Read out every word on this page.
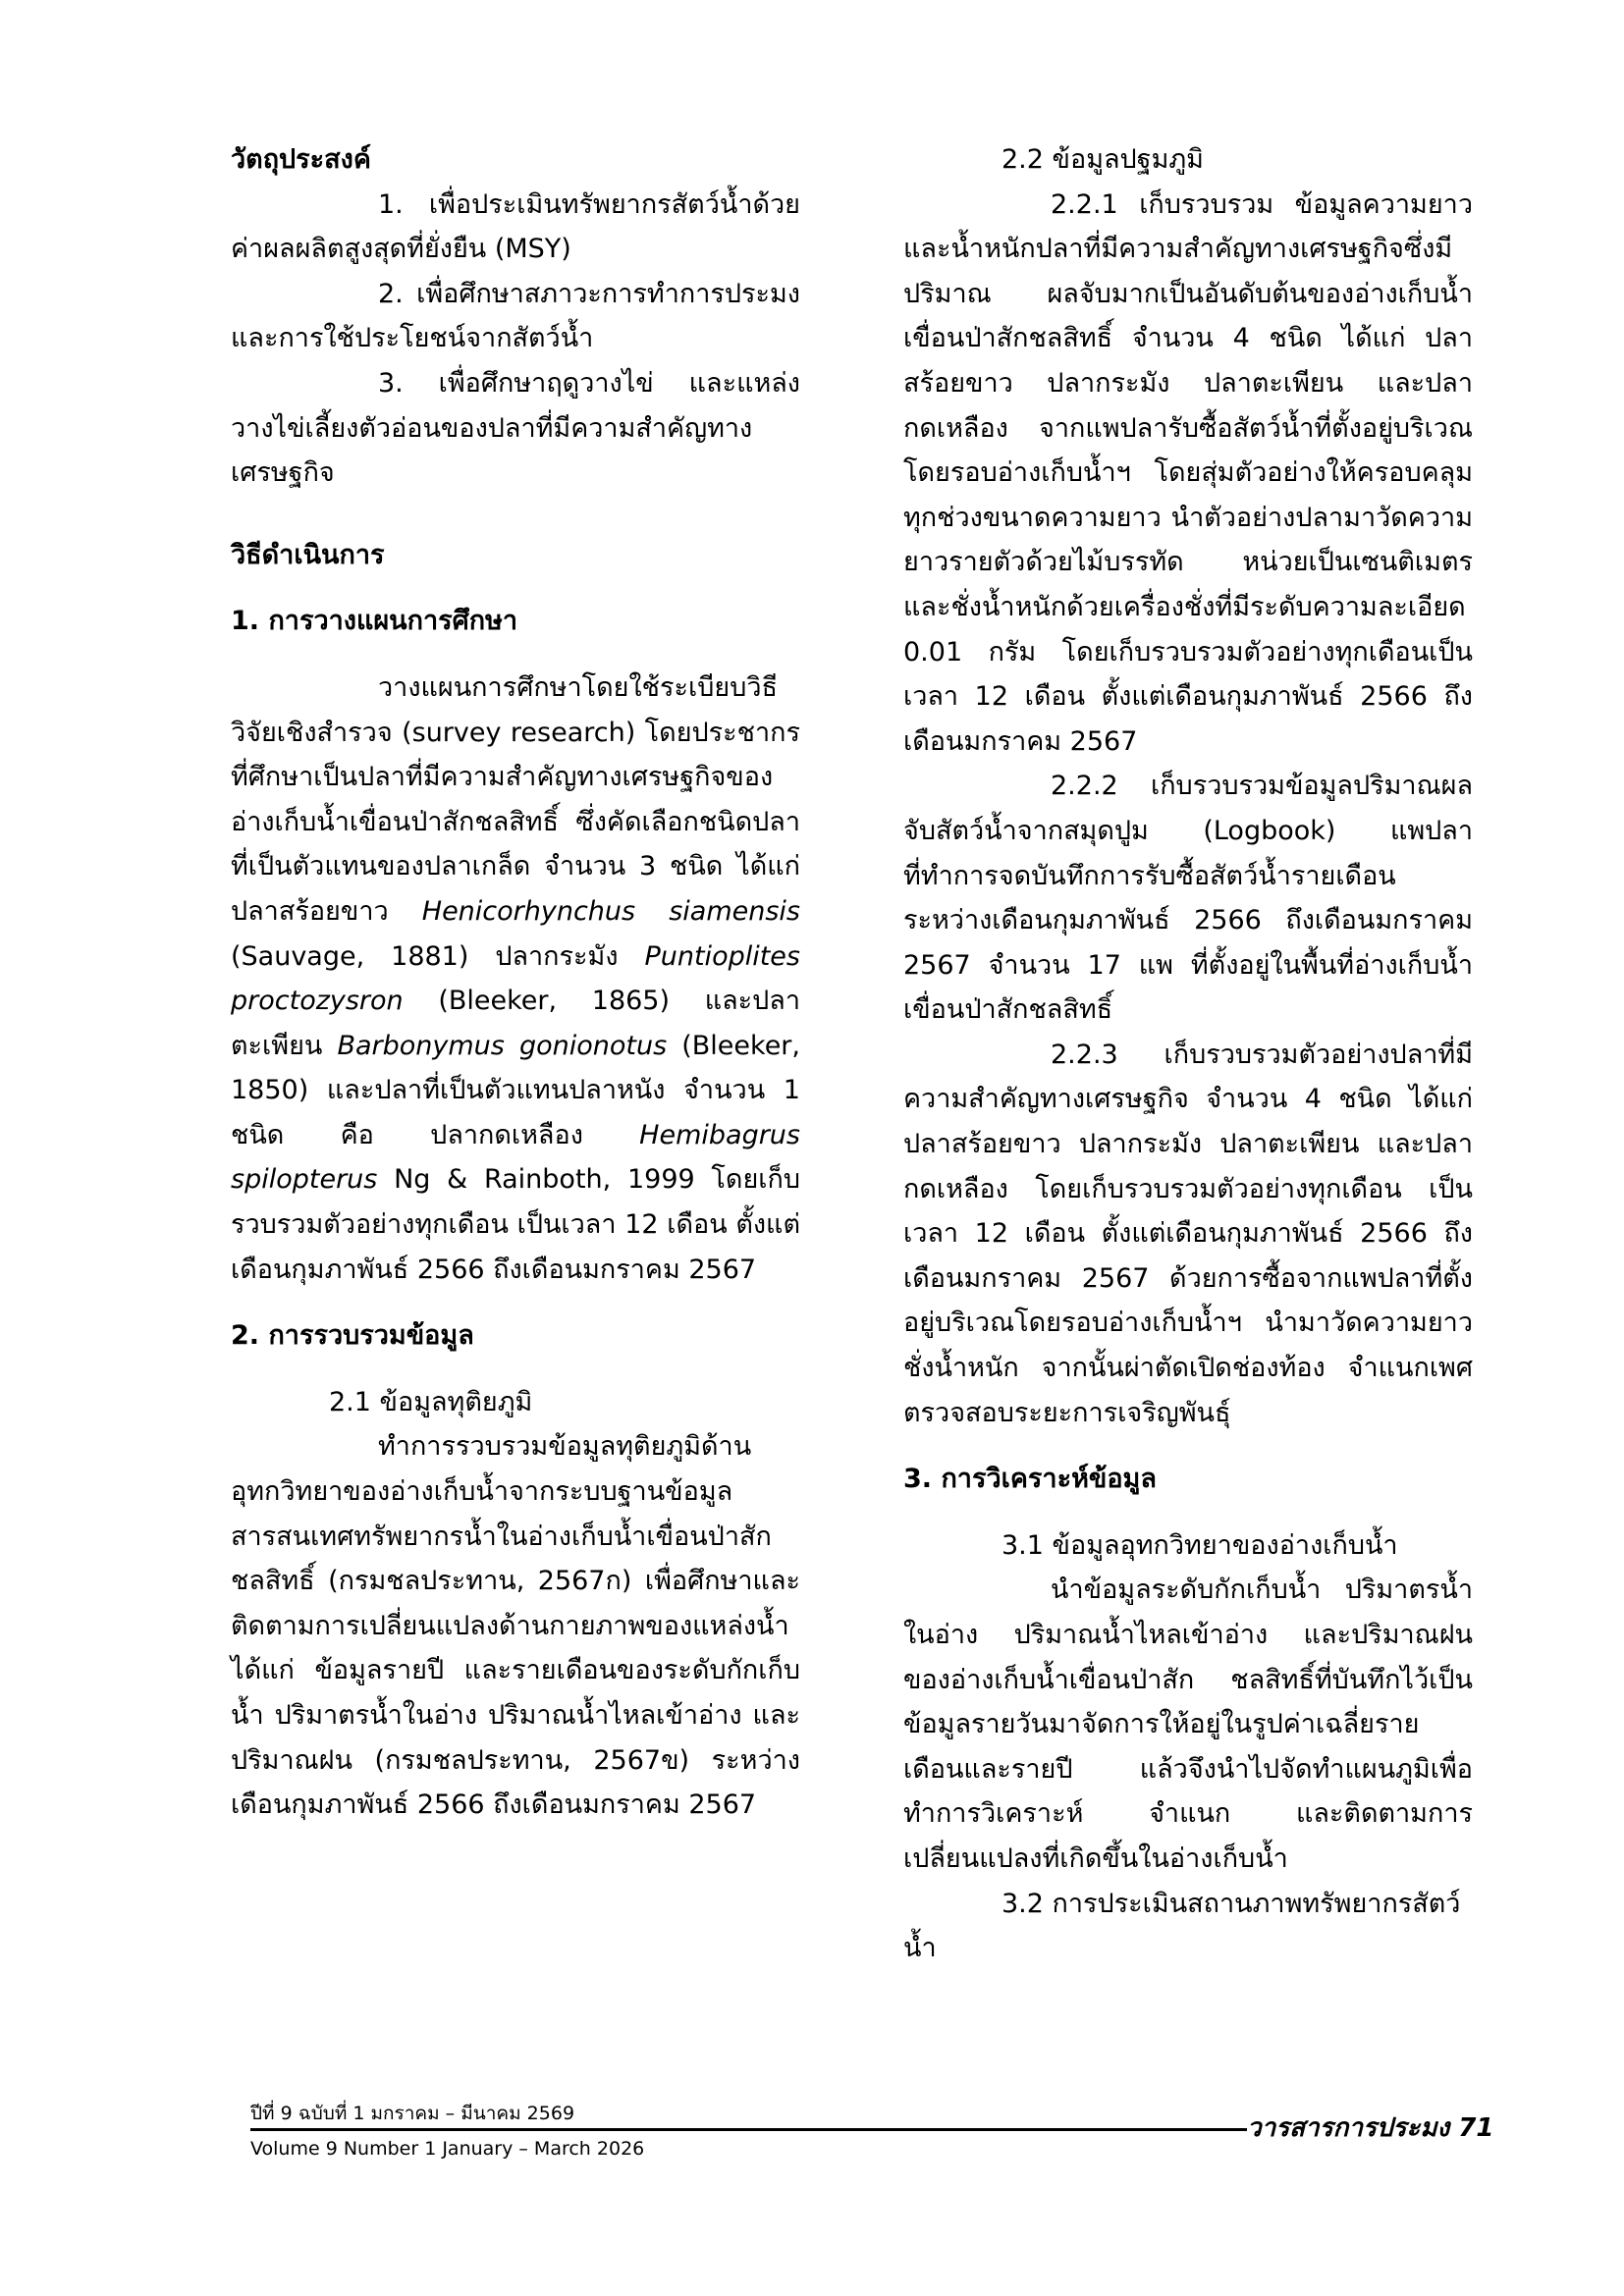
วัตถุประสงค์

1. เพื่อประเมินทรัพยากรสัตว์น้ำด้วยค่าผลผลิตสูงสุดที่ยั่งยืน (MSY)

2. เพื่อศึกษาสภาวะการทำการประมงและการใช้ประโยชน์จากสัตว์น้ำ

3. เพื่อศึกษาฤดูวางไข่ และแหล่งวางไข่เลี้ยงตัวอ่อนของปลาที่มีความสำคัญทางเศรษฐกิจ

วิธีดำเนินการ

1. การวางแผนการศึกษา

วางแผนการศึกษาโดยใช้ระเบียบวิธีวิจัยเชิงสำรวจ (survey research) โดยประชากรที่ศึกษาเป็นปลาที่มีความสำคัญทางเศรษฐกิจของอ่างเก็บน้ำเขื่อนป่าสักชลสิทธิ์ ซึ่งคัดเลือกชนิดปลาที่เป็นตัวแทนของปลาเกล็ด จำนวน 3 ชนิด ได้แก่ ปลาสร้อยขาว Henicorhynchus siamensis (Sauvage, 1881) ปลากระมัง Puntioplites proctozysron (Bleeker, 1865) และปลาตะเพียน Barbonymus gonionotus (Bleeker, 1850) และปลาที่เป็นตัวแทนปลาหนัง จำนวน 1 ชนิด คือ ปลากดเหลือง Hemibagrus spilopterus Ng & Rainboth, 1999 โดยเก็บรวบรวมตัวอย่างทุกเดือน เป็นเวลา 12 เดือน ตั้งแต่เดือนกุมภาพันธ์ 2566 ถึงเดือนมกราคม 2567

2. การรวบรวมข้อมูล

2.1 ข้อมูลทุติยภูมิ

ทำการรวบรวมข้อมูลทุติยภูมิด้านอุทกวิทยาของอ่างเก็บน้ำจากระบบฐานข้อมูลสารสนเทศทรัพยากรน้ำในอ่างเก็บน้ำเขื่อนป่าสักชลสิทธิ์ (กรมชลประทาน, 2567ก) เพื่อศึกษาและติดตามการเปลี่ยนแปลงด้านกายภาพของแหล่งน้ำ ได้แก่ ข้อมูลรายปี และรายเดือนของระดับกักเก็บน้ำ ปริมาตรน้ำในอ่าง ปริมาณน้ำไหลเข้าอ่าง และปริมาณฝน (กรมชลประทาน, 2567ข) ระหว่างเดือนกุมภาพันธ์ 2566 ถึงเดือนมกราคม 2567

2.2 ข้อมูลปฐมภูมิ

2.2.1 เก็บรวบรวม ข้อมูลความยาวและน้ำหนักปลาที่มีความสำคัญทางเศรษฐกิจซึ่งมีปริมาณ ผลจับมากเป็นอันดับต้นของอ่างเก็บน้ำเขื่อนป่าสักชลสิทธิ์ จำนวน 4 ชนิด ได้แก่ ปลาสร้อยขาว ปลากระมัง ปลาตะเพียน และปลากดเหลือง จากแพปลารับซื้อสัตว์น้ำที่ตั้งอยู่บริเวณโดยรอบอ่างเก็บน้ำฯ โดยสุ่มตัวอย่างให้ครอบคลุมทุกช่วงขนาดความยาว นำตัวอย่างปลามาวัดความยาวรายตัวด้วยไม้บรรทัด หน่วยเป็นเซนติเมตร และชั่งน้ำหนักด้วยเครื่องชั่งที่มีระดับความละเอียด 0.01 กรัม โดยเก็บรวบรวมตัวอย่างทุกเดือนเป็นเวลา 12 เดือน ตั้งแต่เดือนกุมภาพันธ์ 2566 ถึงเดือนมกราคม 2567

2.2.2 เก็บรวบรวมข้อมูลปริมาณผลจับสัตว์น้ำจากสมุดปูม (Logbook) แพปลา ที่ทำการจดบันทึกการรับซื้อสัตว์น้ำรายเดือนระหว่างเดือนกุมภาพันธ์ 2566 ถึงเดือนมกราคม 2567 จำนวน 17 แพ ที่ตั้งอยู่ในพื้นที่อ่างเก็บน้ำเขื่อนป่าสักชลสิทธิ์

2.2.3 เก็บรวบรวมตัวอย่างปลาที่มีความสำคัญทางเศรษฐกิจ จำนวน 4 ชนิด ได้แก่ ปลาสร้อยขาว ปลากระมัง ปลาตะเพียน และปลากดเหลือง โดยเก็บรวบรวมตัวอย่างทุกเดือน เป็นเวลา 12 เดือน ตั้งแต่เดือนกุมภาพันธ์ 2566 ถึงเดือนมกราคม 2567 ด้วยการซื้อจากแพปลาที่ตั้งอยู่บริเวณโดยรอบอ่างเก็บน้ำฯ นำมาวัดความยาว ชั่งน้ำหนัก จากนั้นผ่าตัดเปิดช่องท้อง จำแนกเพศ ตรวจสอบระยะการเจริญพันธุ์

3. การวิเคราะห์ข้อมูล

3.1 ข้อมูลอุทกวิทยาของอ่างเก็บน้ำ

นำข้อมูลระดับกักเก็บน้ำ ปริมาตรน้ำในอ่าง ปริมาณน้ำไหลเข้าอ่าง และปริมาณฝน ของอ่างเก็บน้ำเขื่อนป่าสัก ชลสิทธิ์ที่บันทึกไว้เป็นข้อมูลรายวันมาจัดการให้อยู่ในรูปค่าเฉลี่ยรายเดือนและรายปี แล้วจึงนำไปจัดทำแผนภูมิเพื่อทำการวิเคราะห์ จำแนก และติดตามการเปลี่ยนแปลงที่เกิดขึ้นในอ่างเก็บน้ำ

3.2 การประเมินสถานภาพทรัพยากรสัตว์น้ำ

ปีที่ 9 ฉบับที่ 1 มกราคม – มีนาคม 2569
Volume 9 Number 1 January – March 2026
วารสารการประมง 71
